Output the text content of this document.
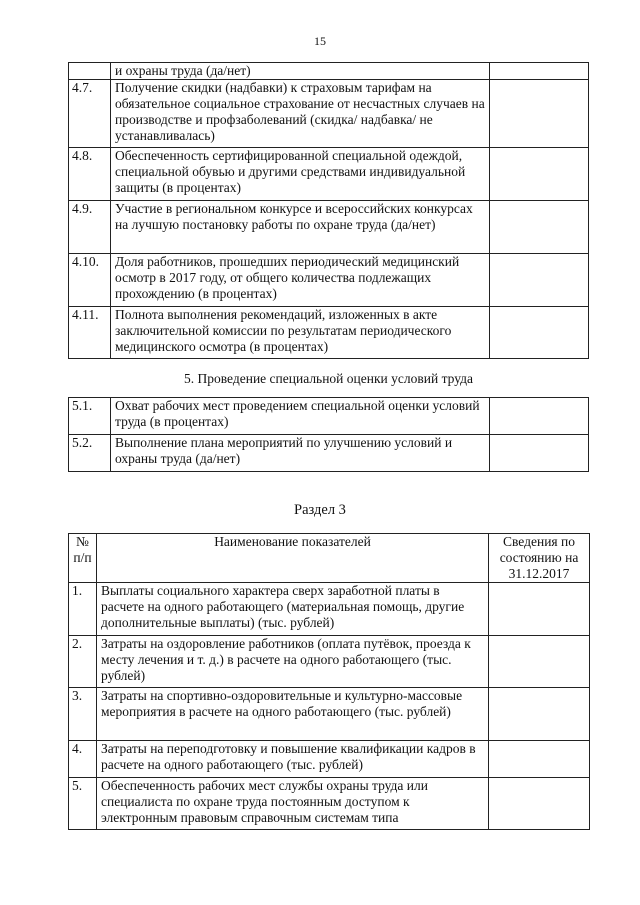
15
	и охраны труда (да/нет)	
4.7.	Получение скидки (надбавки) к страховым тарифам на обязательное социальное страхование от несчастных случаев на производстве и профзаболеваний (скидка/ надбавка/ не устанавливалась)	
4.8.	Обеспеченность сертифицированной специальной одеждой, специальной обувью и другими средствами индивидуальной защиты (в процентах)	
4.9.	Участие в региональном конкурсе и всероссийских конкурсах на лучшую постановку работы по охране труда (да/нет)	
4.10.	Доля работников, прошедших периодический медицинский осмотр в 2017 году, от общего количества подлежащих прохождению (в процентах)	
4.11.	Полнота выполнения рекомендаций, изложенных в акте заключительной комиссии по результатам периодического медицинского осмотра (в процентах)	
5. Проведение специальной оценки условий труда		
5.1.	Охват рабочих мест проведением специальной оценки условий труда (в процентах)	
5.2.	Выполнение плана мероприятий по улучшению условий и охраны труда (да/нет)	
Раздел 3
№ п/п	Наименование показателей	Сведения по состоянию на 31.12.2017
1.	Выплаты социального характера сверх заработной платы в расчете на одного работающего (материальная помощь, другие дополнительные выплаты) (тыс. рублей)	
2.	Затраты на оздоровление работников (оплата путёвок, проезда к месту лечения и т. д.) в расчете на одного работающего (тыс. рублей)	
3.	Затраты на спортивно-оздоровительные и культурно-массовые мероприятия в расчете на одного работающего (тыс. рублей)	
4.	Затраты на переподготовку и повышение квалификации кадров в расчете на одного работающего (тыс. рублей)	
5.	Обеспеченность рабочих мест службы охраны труда или специалиста по охране труда постоянным доступом к электронным правовым справочным системам типа	
